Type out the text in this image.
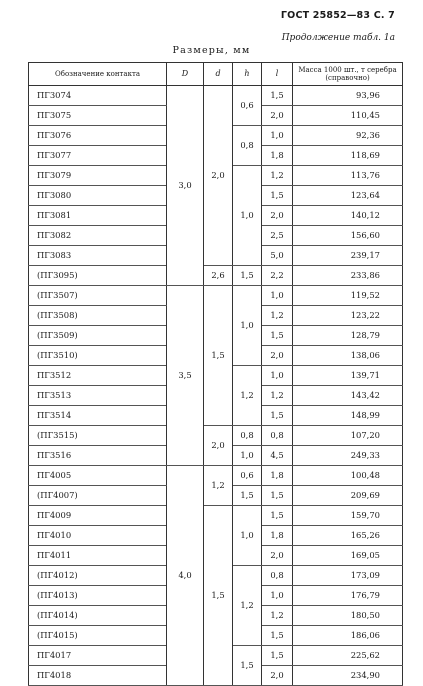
ГОСТ 25852—83 С. 7
Продолжение табл. 1а
Размеры, мм
Обозначение контакта	D	d	h	l	Масса 1000 шт., т серебра (справочно)
ПГ3074	3,0	2,0	0,6	1,5	93,96
ПГ3075				2,0	110,45
ПГ3076			0,8	1,0	92,36
ПГ3077				1,8	118,69
ПГ3079			1,0	1,2	113,76
ПГ3080				1,5	123,64
ПГ3081				2,0	140,12
ПГ3082				2,5	156,60
ПГ3083				5,0	239,17
(ПГ3095)		2,6	1,5	2,2	233,86
(ПГ3507)	3,5	1,5	1,0	1,0	119,52
(ПГ3508)				1,2	123,22
(ПГ3509)				1,5	128,79
(ПГ3510)				2,0	138,06
ПГ3512			1,2	1,0	139,71
ПГ3513				1,2	143,42
ПГ3514				1,5	148,99
(ПГ3515)		2,0	0,8	0,8	107,20
ПГ3516			1,0	4,5	249,33
ПГ4005	4,0	1,2	0,6	1,8	100,48
(ПГ4007)			1,5	1,5	209,69
ПГ4009		1,5	1,0	1,5	159,70
ПГ4010				1,8	165,26
ПГ4011				2,0	169,05
(ПГ4012)			1,2	0,8	173,09
(ПГ4013)				1,0	176,79
(ПГ4014)				1,2	180,50
(ПГ4015)				1,5	186,06
ПГ4017			1,5	1,5	225,62
ПГ4018				2,0	234,90
